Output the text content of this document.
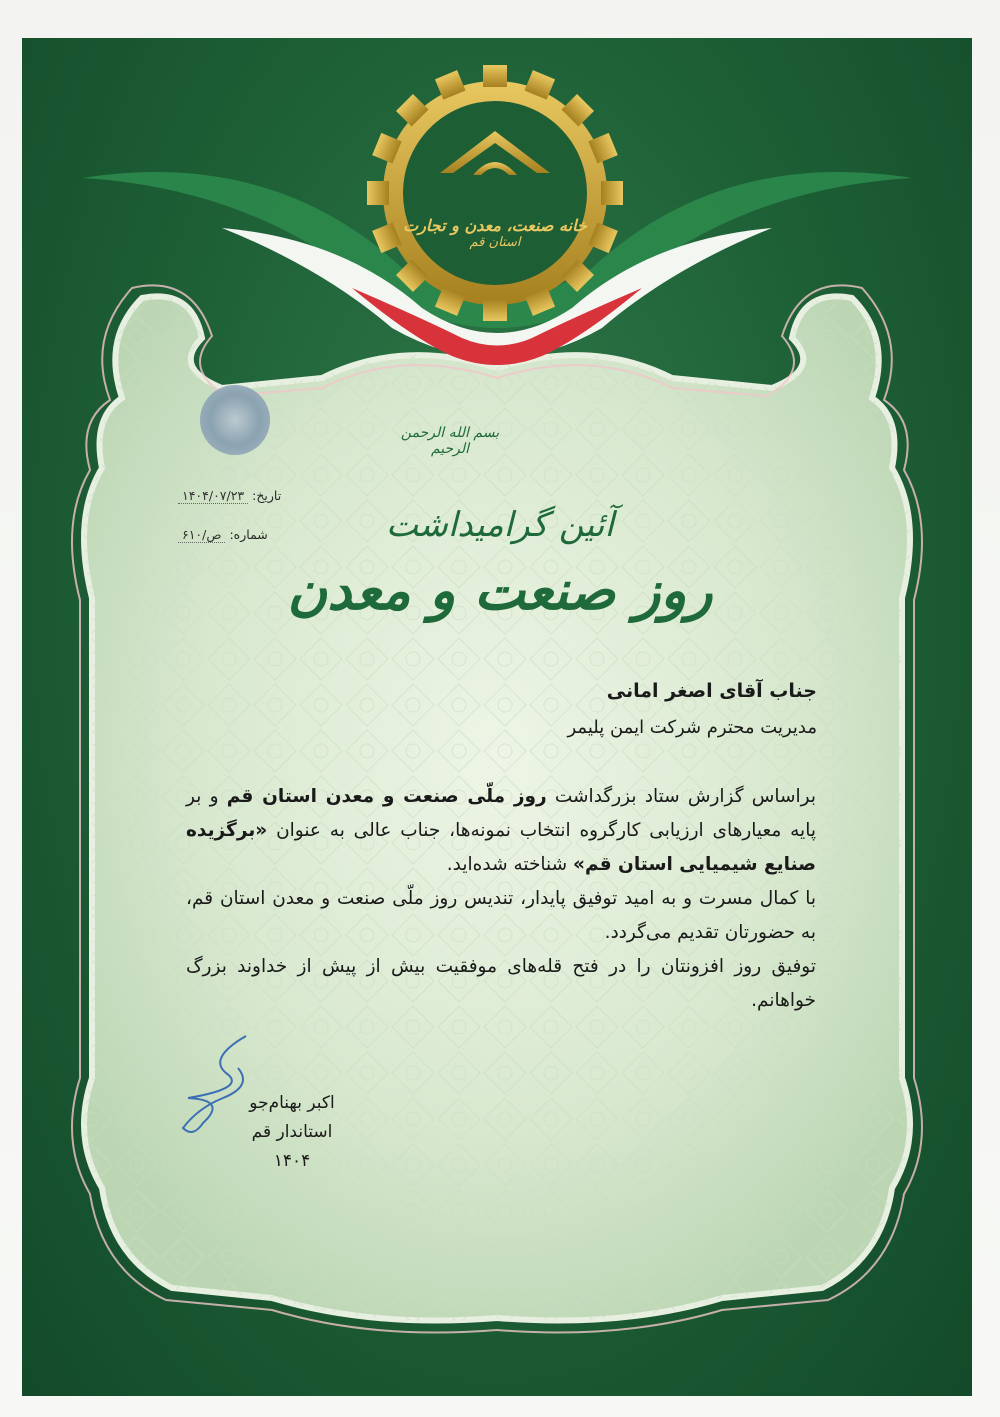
خانه صنعت، معدن و تجارت
استان قم
بسم الله الرحمن الرحیم
تاریخ: ۱۴۰۴/۰۷/۲۳
شماره: ص/۶۱۰	آئین گرامیداشت
روز صنعت و معدن
جناب آقای اصغر امانی
مدیریت محترم شرکت ایمن پلیمر

براساس گزارش ستاد بزرگداشت روز ملّی صنعت و معدن استان قم و بر پایه معیارهای ارزیابی کارگروه انتخاب نمونه‌ها، جناب عالی به عنوان «برگزیده صنایع شیمیایی استان قم» شناخته شده‌اید.

با کمال مسرت و به امید توفیق پایدار، تندیس روز ملّی صنعت و معدن استان قم، به حضورتان تقدیم می‌گردد.

توفیق روز افزونتان را در فتح قله‌های موفقیت بیش از پیش از خداوند بزرگ خواهانم.

اکبر بهنام‌جو
استاندار قم
۱۴۰۴
